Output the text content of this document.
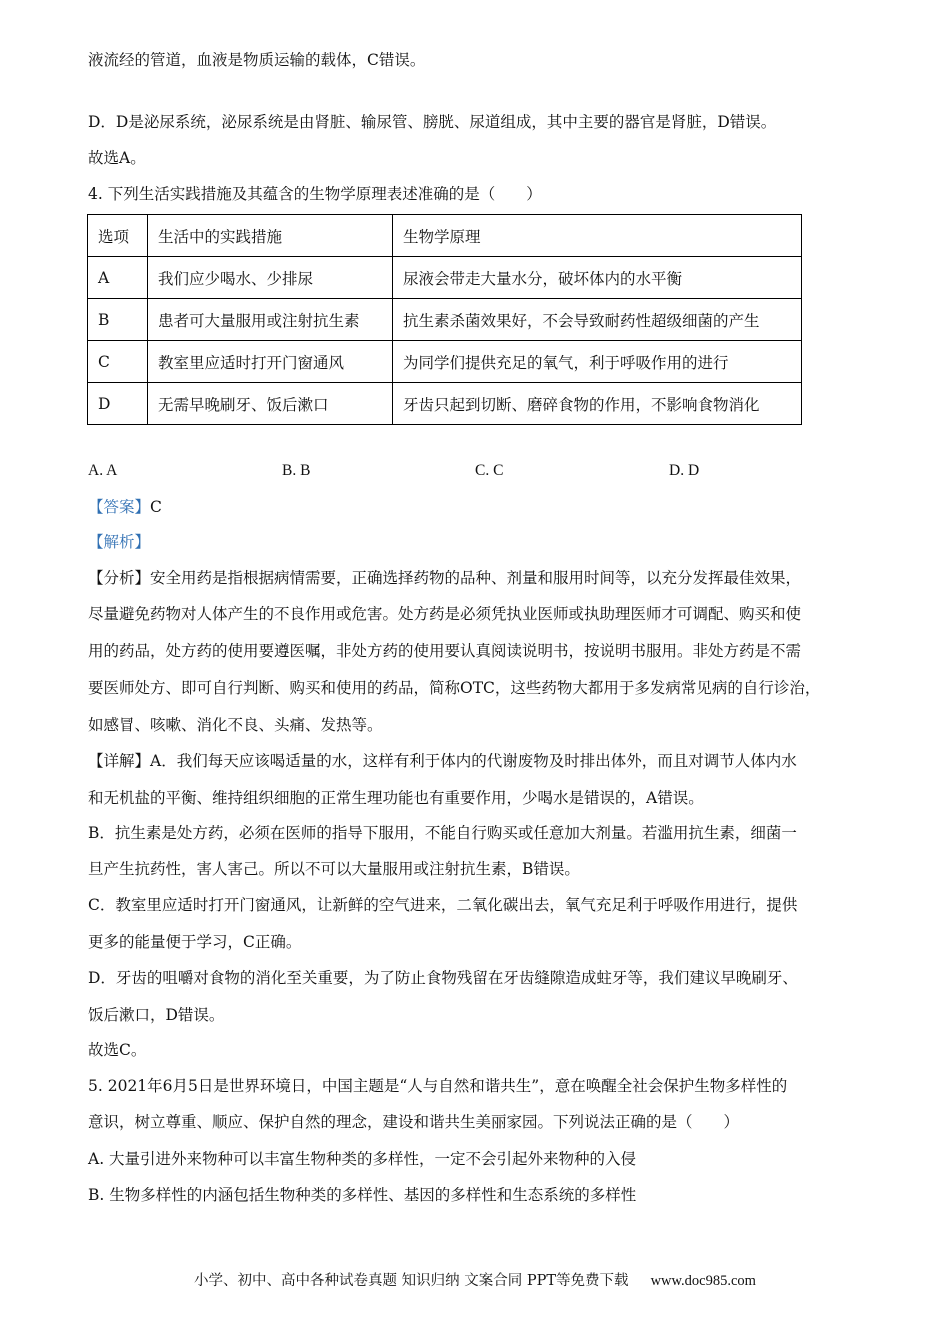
液流经的管道，血液是物质运输的载体，C错误。
D．D是泌尿系统，泌尿系统是由肾脏、输尿管、膀胱、尿道组成，其中主要的器官是肾脏，D错误。
故选A。
4. 下列生活实践措施及其蕴含的生物学原理表述准确的是（　　）
选项	生活中的实践措施	生物学原理
A	我们应少喝水、少排尿	尿液会带走大量水分，破坏体内的水平衡
B	患者可大量服用或注射抗生素	抗生素杀菌效果好，不会导致耐药性超级细菌的产生
C	教室里应适时打开门窗通风	为同学们提供充足的氧气，利于呼吸作用的进行
D	无需早晚刷牙、饭后漱口	牙齿只起到切断、磨碎食物的作用，不影响食物消化
A. A	B. B	C. C	D. D
【答案】C
【解析】
【分析】安全用药是指根据病情需要，正确选择药物的品种、剂量和服用时间等，以充分发挥最佳效果，
尽量避免药物对人体产生的不良作用或危害。处方药是必须凭执业医师或执助理医师才可调配、购买和使
用的药品，处方药的使用要遵医嘱，非处方药的使用要认真阅读说明书，按说明书服用。非处方药是不需
要医师处方、即可自行判断、购买和使用的药品，简称OTC，这些药物大都用于多发病常见病的自行诊治，
如感冒、咳嗽、消化不良、头痛、发热等。
【详解】A．我们每天应该喝适量的水，这样有利于体内的代谢废物及时排出体外，而且对调节人体内水
和无机盐的平衡、维持组织细胞的正常生理功能也有重要作用，少喝水是错误的，A错误。
B．抗生素是处方药，必须在医师的指导下服用，不能自行购买或任意加大剂量。若滥用抗生素，细菌一
旦产生抗药性，害人害己。所以不可以大量服用或注射抗生素，B错误。
C．教室里应适时打开门窗通风，让新鲜的空气进来，二氧化碳出去，氧气充足利于呼吸作用进行，提供
更多的能量便于学习，C正确。
D．牙齿的咀嚼对食物的消化至关重要，为了防止食物残留在牙齿缝隙造成蛀牙等，我们建议早晚刷牙、
饭后漱口，D错误。
故选C。
5. 2021年6月5日是世界环境日，中国主题是“人与自然和谐共生”，意在唤醒全社会保护生物多样性的
意识，树立尊重、顺应、保护自然的理念，建设和谐共生美丽家园。下列说法正确的是（　　）
A. 大量引进外来物种可以丰富生物种类的多样性，一定不会引起外来物种的入侵
B. 生物多样性的内涵包括生物种类的多样性、基因的多样性和生态系统的多样性
小学、初中、高中各种试卷真题 知识归纳 文案合同 PPT等免费下载 www.doc985.com
